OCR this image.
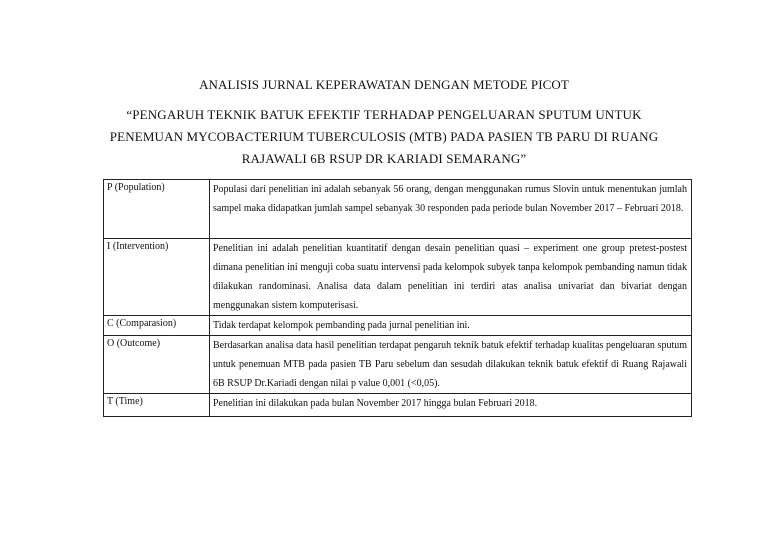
ANALISIS JURNAL KEPERAWATAN DENGAN METODE PICOT
“PENGARUH TEKNIK BATUK EFEKTIF TERHADAP PENGELUARAN SPUTUM UNTUK PENEMUAN MYCOBACTERIUM TUBERCULOSIS (MTB) PADA PASIEN TB PARU DI RUANG RAJAWALI 6B RSUP DR KARIADI SEMARANG”
P (Population)	Populasi dari penelitian ini adalah sebanyak 56 orang, dengan menggunakan rumus Slovin untuk menentukan jumlah sampel maka didapatkan jumlah sampel sebanyak 30 responden pada periode bulan November 2017 – Februari 2018.
I (Intervention)	Penelitian ini adalah penelitian kuantitatif dengan desain penelitian quasi – experiment one group pretest-postest dimana penelitian ini menguji coba suatu intervensi pada kelompok subyek tanpa kelompok pembanding namun tidak dilakukan randominasi. Analisa data dalam penelitian ini terdiri atas analisa univariat dan bivariat dengan menggunakan sistem komputerisasi.
C (Comparasion)	Tidak terdapat kelompok pembanding pada jurnal penelitian ini.
O (Outcome)	Berdasarkan analisa data hasil penelitian terdapat pengaruh teknik batuk efektif terhadap kualitas pengeluaran sputum untuk penemuan MTB pada pasien TB Paru sebelum dan sesudah dilakukan teknik batuk efektif di Ruang Rajawali 6B RSUP Dr.Kariadi dengan nilai p value 0,001 (<0,05).
T (Time)	Penelitian ini dilakukan pada bulan November 2017 hingga bulan Februari 2018.
